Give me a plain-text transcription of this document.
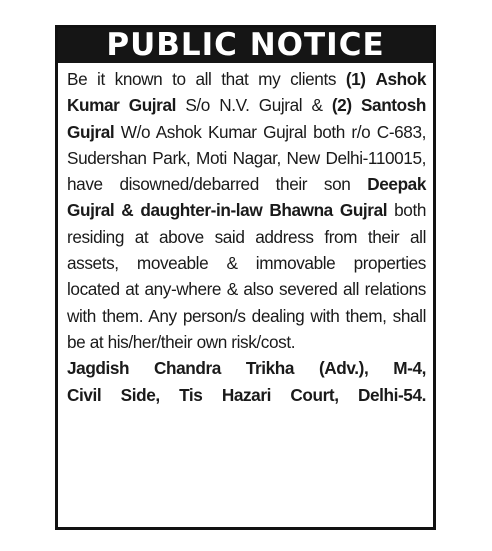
PUBLIC NOTICE
Be it known to all that my clients (1) Ashok Kumar Gujral S/o N.V. Gujral & (2) Santosh Gujral W/o Ashok Kumar Gujral both r/o C-683, Sudershan Park, Moti Nagar, New Delhi-110015, have disowned/debarred their son Deepak Gujral & daughter-in-law Bhawna Gujral both residing at above said address from their all assets, moveable & immovable properties located at any-where & also severed all relations with them. Any person/s dealing with them, shall be at his/her/their own risk/cost.
Jagdish Chandra Trikha (Adv.), M-4,
Civil Side, Tis Hazari Court, Delhi-54.
